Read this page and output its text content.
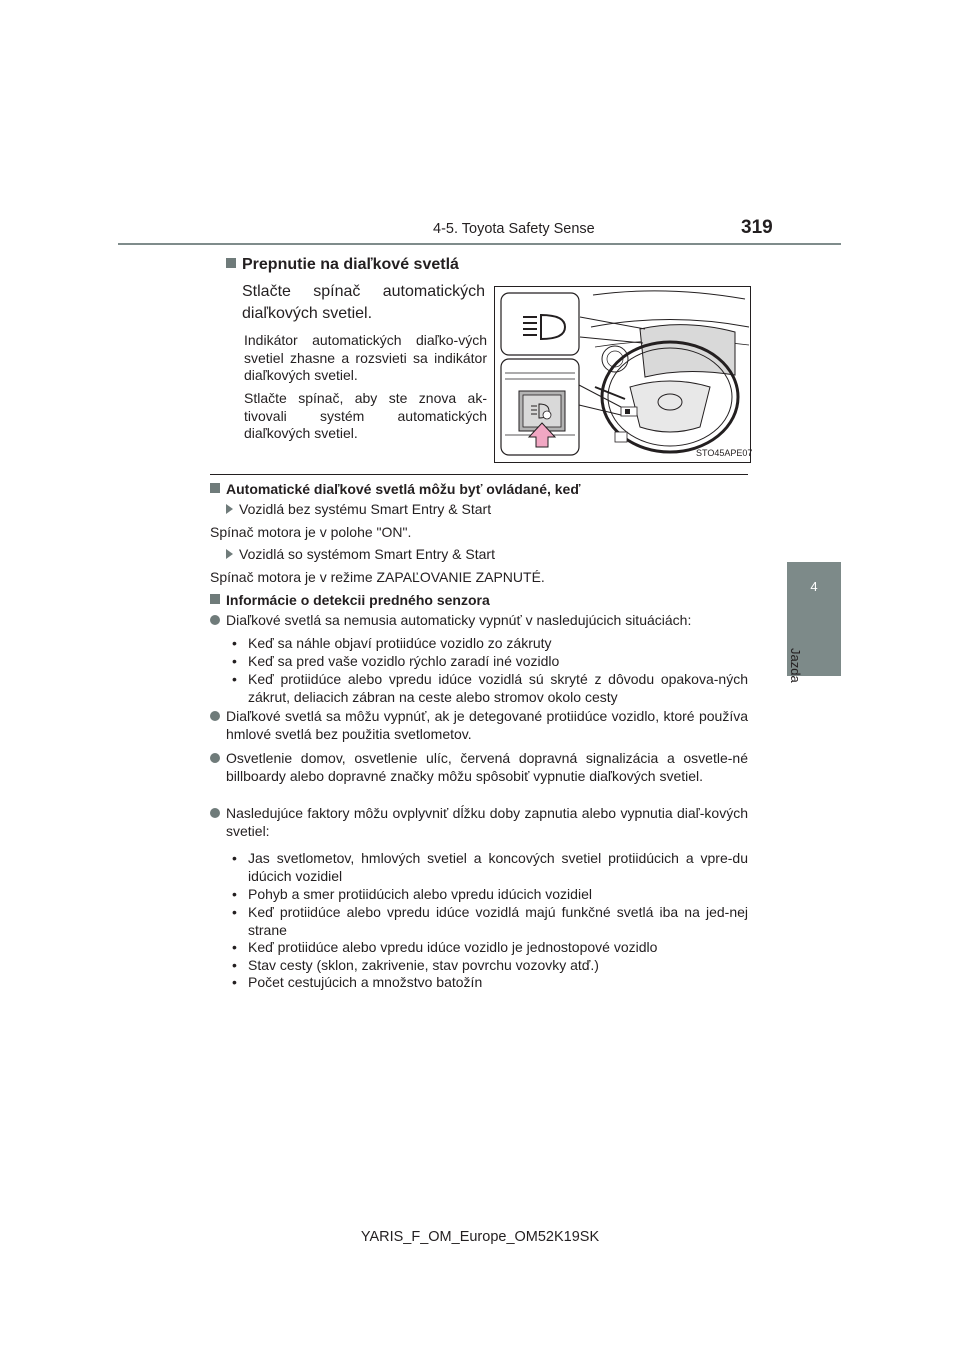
4-5. Toyota Safety Sense	319
4
Jazda
Prepnutie na diaľkové svetlá
Stlačte spínač automatických diaľkových svetiel.
Indikátor automatických diaľko-vých svetiel zhasne a rozsvieti sa indikátor diaľkových svetiel.
Stlačte spínač, aby ste znova ak-tivovali systém automatických diaľkových svetiel.
STO45APE07
Automatické diaľkové svetlá môžu byť ovládané, keď
Vozidlá bez systému Smart Entry & Start
Spínač motora je v polohe "ON".
Vozidlá so systémom Smart Entry & Start
Spínač motora je v režime ZAPAĽOVANIE ZAPNUTÉ.
Informácie o detekcii predného senzora
Diaľkové svetlá sa nemusia automaticky vypnúť v nasledujúcich situáciách:
• Keď sa náhle objaví protiidúce vozidlo zo zákruty
• Keď sa pred vaše vozidlo rýchlo zaradí iné vozidlo
• Keď protiidúce alebo vpredu idúce vozidlá sú skryté z dôvodu opakova-ných zákrut, deliacich zábran na ceste alebo stromov okolo cesty
Diaľkové svetlá sa môžu vypnúť, ak je detegované protiidúce vozidlo, ktoré používa hmlové svetlá bez použitia svetlometov.
Osvetlenie domov, osvetlenie ulíc, červená dopravná signalizácia a osvetle-né billboardy alebo dopravné značky môžu spôsobiť vypnutie diaľkových svetiel.
Nasledujúce faktory môžu ovplyvniť dĺžku doby zapnutia alebo vypnutia diaľ-kových svetiel:
• Jas svetlometov, hmlových svetiel a koncových svetiel protiidúcich a vpre-du idúcich vozidiel
• Pohyb a smer protiidúcich alebo vpredu idúcich vozidiel
• Keď protiidúce alebo vpredu idúce vozidlá majú funkčné svetlá iba na jed-nej strane
• Keď protiidúce alebo vpredu idúce vozidlo je jednostopové vozidlo
• Stav cesty (sklon, zakrivenie, stav povrchu vozovky atď.)
• Počet cestujúcich a množstvo batožín
YARIS_F_OM_Europe_OM52K19SK
